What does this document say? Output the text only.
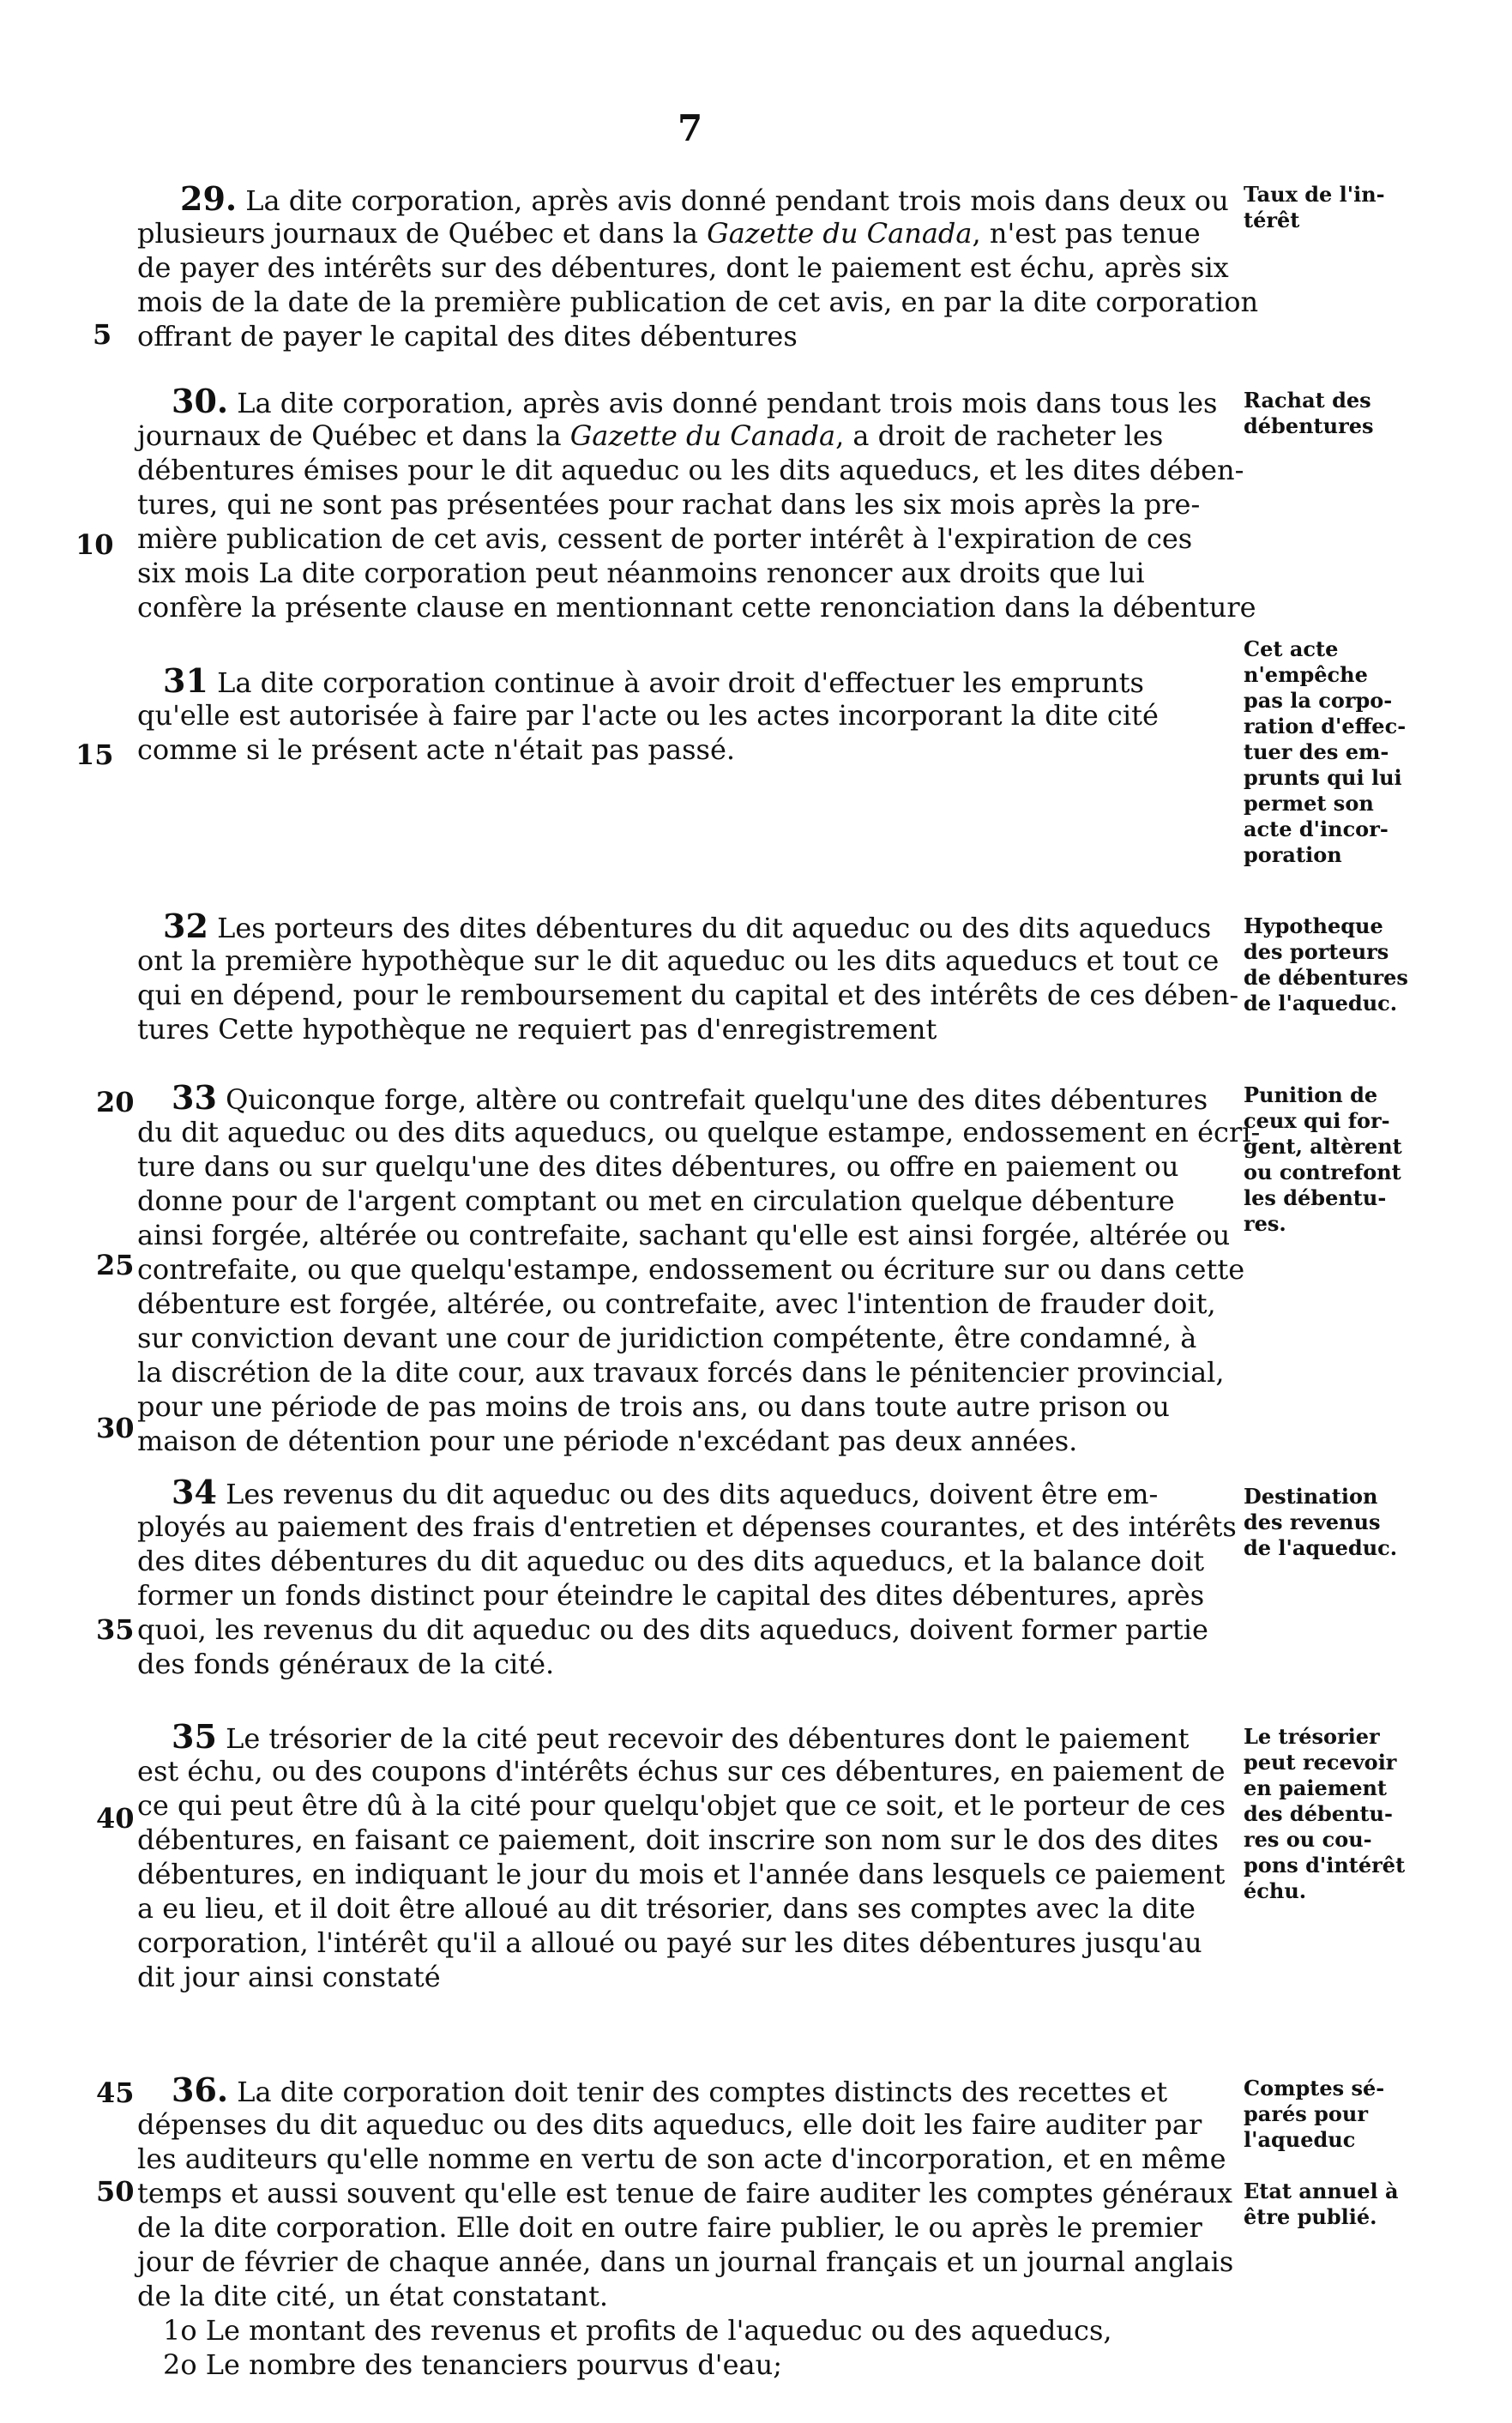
7
5
10
15
20
25
30
35
40
45
50
29. La dite corporation, après avis donné pendant trois mois dans deux ou
plusieurs journaux de Québec et dans la Gazette du Canada, n'est pas tenue
de payer des intérêts sur des débentures, dont le paiement est échu, après six
mois de la date de la première publication de cet avis, en par la dite corporation
offrant de payer le capital des dites débentures
Taux de l'in-
térêt
30. La dite corporation, après avis donné pendant trois mois dans tous les
journaux de Québec et dans la Gazette du Canada, a droit de racheter les
débentures émises pour le dit aqueduc ou les dits aqueducs, et les dites dében-
tures, qui ne sont pas présentées pour rachat dans les six mois après la pre-
mière publication de cet avis, cessent de porter intérêt à l'expiration de ces
six mois La dite corporation peut néanmoins renoncer aux droits que lui
confère la présente clause en mentionnant cette renonciation dans la débenture
Rachat des
débentures
31 La dite corporation continue à avoir droit d'effectuer les emprunts
qu'elle est autorisée à faire par l'acte ou les actes incorporant la dite cité
comme si le présent acte n'était pas passé.
Cet acte
n'empêche
pas la corpo-
ration d'effec-
tuer des em-
prunts qui lui
permet son
acte d'incor-
poration
32 Les porteurs des dites débentures du dit aqueduc ou des dits aqueducs
ont la première hypothèque sur le dit aqueduc ou les dits aqueducs et tout ce
qui en dépend, pour le remboursement du capital et des intérêts de ces dében-
tures Cette hypothèque ne requiert pas d'enregistrement
Hypotheque
des porteurs
de débentures
de l'aqueduc.
33 Quiconque forge, altère ou contrefait quelqu'une des dites débentures
du dit aqueduc ou des dits aqueducs, ou quelque estampe, endossement en écri-
ture dans ou sur quelqu'une des dites débentures, ou offre en paiement ou
donne pour de l'argent comptant ou met en circulation quelque débenture
ainsi forgée, altérée ou contrefaite, sachant qu'elle est ainsi forgée, altérée ou
contrefaite, ou que quelqu'estampe, endossement ou écriture sur ou dans cette
débenture est forgée, altérée, ou contrefaite, avec l'intention de frauder doit,
sur conviction devant une cour de juridiction compétente, être condamné, à
la discrétion de la dite cour, aux travaux forcés dans le pénitencier provincial,
pour une période de pas moins de trois ans, ou dans toute autre prison ou
maison de détention pour une période n'excédant pas deux années.
Punition de
ceux qui for-
gent, altèrent
ou contrefont
les débentu-
res.
34 Les revenus du dit aqueduc ou des dits aqueducs, doivent être em-
ployés au paiement des frais d'entretien et dépenses courantes, et des intérêts
des dites débentures du dit aqueduc ou des dits aqueducs, et la balance doit
former un fonds distinct pour éteindre le capital des dites débentures, après
quoi, les revenus du dit aqueduc ou des dits aqueducs, doivent former partie
des fonds généraux de la cité.
Destination
des revenus
de l'aqueduc.
35 Le trésorier de la cité peut recevoir des débentures dont le paiement
est échu, ou des coupons d'intérêts échus sur ces débentures, en paiement de
ce qui peut être dû à la cité pour quelqu'objet que ce soit, et le porteur de ces
débentures, en faisant ce paiement, doit inscrire son nom sur le dos des dites
débentures, en indiquant le jour du mois et l'année dans lesquels ce paiement
a eu lieu, et il doit être alloué au dit trésorier, dans ses comptes avec la dite
corporation, l'intérêt qu'il a alloué ou payé sur les dites débentures jusqu'au
dit jour ainsi constaté
Le trésorier
peut recevoir
en paiement
des débentu-
res ou cou-
pons d'intérêt
échu.
36. La dite corporation doit tenir des comptes distincts des recettes et
dépenses du dit aqueduc ou des dits aqueducs, elle doit les faire auditer par
les auditeurs qu'elle nomme en vertu de son acte d'incorporation, et en même
temps et aussi souvent qu'elle est tenue de faire auditer les comptes généraux
de la dite corporation. Elle doit en outre faire publier, le ou après le premier
jour de février de chaque année, dans un journal français et un journal anglais
de la dite cité, un état constatant.
1o Le montant des revenus et profits de l'aqueduc ou des aqueducs,
2o Le nombre des tenanciers pourvus d'eau;
Comptes sé-
parés pour
l'aqueduc
Etat annuel à
être publié.
